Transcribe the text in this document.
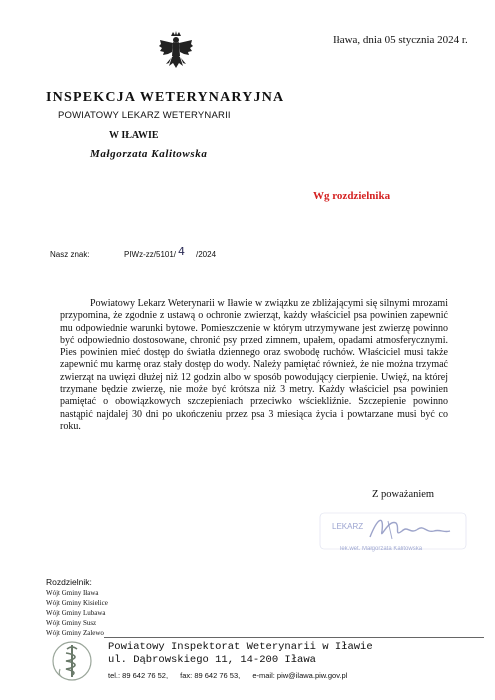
Iława, dnia 05 stycznia 2024 r.
INSPEKCJA WETERYNARYJNA
POWIATOWY LEKARZ WETERYNARII
W IŁAWIE
Małgorzata Kalitowska
Wg rozdzielnika
Nasz znak:	PIWz-zz/5101/ 4 /2024

Powiatowy Lekarz Weterynarii w Iławie w związku ze zbliżającymi się silnymi mrozami przypomina, że zgodnie z ustawą o ochronie zwierząt, każdy właściciel psa powinien zapewnić mu odpowiednie warunki bytowe. Pomieszczenie w którym utrzymywane jest zwierzę powinno być odpowiednio dostosowane, chronić psy przed zimnem, upałem, opadami atmosferycznymi. Pies powinien mieć dostęp do światła dziennego oraz swobodę ruchów. Właściciel musi także zapewnić mu karmę oraz stały dostęp do wody. Należy pamiętać również, że nie można trzymać zwierząt na uwięzi dłużej niż 12 godzin albo w sposób powodujący cierpienie. Uwięź, na której trzymane będzie zwierzę, nie może być krótsza niż 3 metry. Każdy właściciel psa powinien pamiętać o obowiązkowych szczepieniach przeciwko wściekliźnie. Szczepienie powinno nastąpić najdalej 30 dni po ukończeniu przez psa 3 miesiąca życia i powtarzane musi być co roku.

Z poważaniem
LEKARZ
lek.wet. Małgorzata Kalitowska
Rozdzielnik:
Wójt Gminy Iława
Wójt Gminy Kisielice
Wójt Gminy Lubawa
Wójt Gminy Susz
Wójt Gminy Zalewo
Powiatowy Inspektorat Weterynarii w Iławie
ul. Dąbrowskiego 11, 14-200 Iława
tel.: 89 642 76 52, fax: 89 642 76 53, e-mail: piw@ilawa.piw.gov.pl
